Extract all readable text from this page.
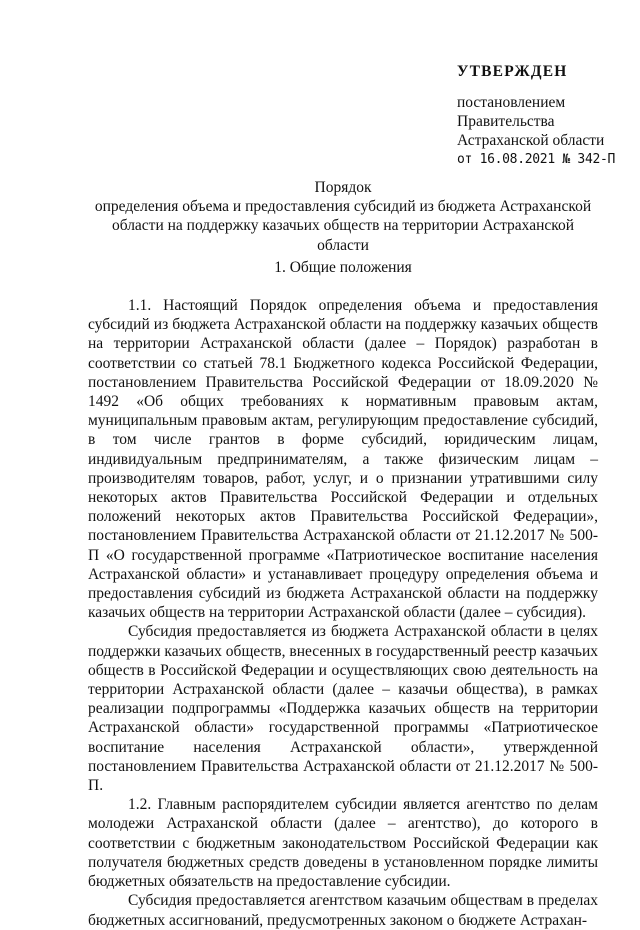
УТВЕРЖДЕН
постановлением
Правительства
Астраханской области
от 16.08.2021 № 342-П
Порядок
определения объема и предоставления субсидий из бюджета Астраханской области на поддержку казачьих обществ на территории Астраханской области
1. Общие положения

1.1. Настоящий Порядок определения объема и предоставления субсидий из бюджета Астраханской области на поддержку казачьих обществ на территории Астраханской области (далее – Порядок) разработан в соответствии со статьей 78.1 Бюджетного кодекса Российской Федерации, постановлением Правительства Российской Федерации от 18.09.2020 № 1492 «Об общих требованиях к нормативным правовым актам, муниципальным правовым актам, регулирующим предоставление субсидий, в том числе грантов в форме субсидий, юридическим лицам, индивидуальным предпринимателям, а также физическим лицам – производителям товаров, работ, услуг, и о признании утратившими силу некоторых актов Правительства Российской Федерации и отдельных положений некоторых актов Правительства Российской Федерации», постановлением Правительства Астраханской области от 21.12.2017 № 500-П «О государственной программе «Патриотическое воспитание населения Астраханской области» и устанавливает процедуру определения объема и предоставления субсидий из бюджета Астраханской области на поддержку казачьих обществ на территории Астраханской области (далее – субсидия).

Субсидия предоставляется из бюджета Астраханской области в целях поддержки казачьих обществ, внесенных в государственный реестр казачьих обществ в Российской Федерации и осуществляющих свою деятельность на территории Астраханской области (далее – казачьи общества), в рамках реализации подпрограммы «Поддержка казачьих обществ на территории Астраханской области» государственной программы «Патриотическое воспитание населения Астраханской области», утвержденной постановлением Правительства Астраханской области от 21.12.2017 № 500-П.

1.2. Главным распорядителем субсидии является агентство по делам молодежи Астраханской области (далее – агентство), до которого в соответствии с бюджетным законодательством Российской Федерации как получателя бюджетных средств доведены в установленном порядке лимиты бюджетных обязательств на предоставление субсидии.

Субсидия предоставляется агентством казачьим обществам в пределах бюджетных ассигнований, предусмотренных законом о бюджете Астрахан-
